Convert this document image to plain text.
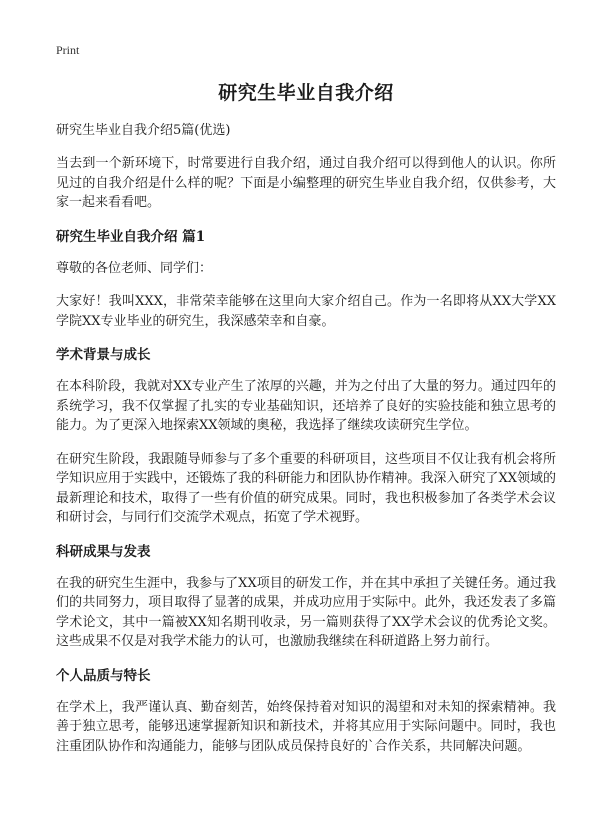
Print
研究生毕业自我介绍
研究生毕业自我介绍5篇(优选)

当去到一个新环境下，时常要进行自我介绍，通过自我介绍可以得到他人的认识。你所见过的自我介绍是什么样的呢？下面是小编整理的研究生毕业自我介绍，仅供参考，大家一起来看看吧。

研究生毕业自我介绍 篇1

尊敬的各位老师、同学们：

大家好！我叫XXX，非常荣幸能够在这里向大家介绍自己。作为一名即将从XX大学XX学院XX专业毕业的研究生，我深感荣幸和自豪。

学术背景与成长

在本科阶段，我就对XX专业产生了浓厚的兴趣，并为之付出了大量的努力。通过四年的系统学习，我不仅掌握了扎实的专业基础知识，还培养了良好的实验技能和独立思考的能力。为了更深入地探索XX领域的奥秘，我选择了继续攻读研究生学位。

在研究生阶段，我跟随导师参与了多个重要的科研项目，这些项目不仅让我有机会将所学知识应用于实践中，还锻炼了我的科研能力和团队协作精神。我深入研究了XX领域的最新理论和技术，取得了一些有价值的研究成果。同时，我也积极参加了各类学术会议和研讨会，与同行们交流学术观点，拓宽了学术视野。

科研成果与发表

在我的研究生生涯中，我参与了XX项目的研发工作，并在其中承担了关键任务。通过我们的共同努力，项目取得了显著的成果，并成功应用于实际中。此外，我还发表了多篇学术论文，其中一篇被XX知名期刊收录，另一篇则获得了XX学术会议的优秀论文奖。这些成果不仅是对我学术能力的认可，也激励我继续在科研道路上努力前行。

个人品质与特长

在学术上，我严谨认真、勤奋刻苦，始终保持着对知识的渴望和对未知的探索精神。我善于独立思考，能够迅速掌握新知识和新技术，并将其应用于实际问题中。同时，我也注重团队协作和沟通能力，能够与团队成员保持良好的`合作关系，共同解决问题。
